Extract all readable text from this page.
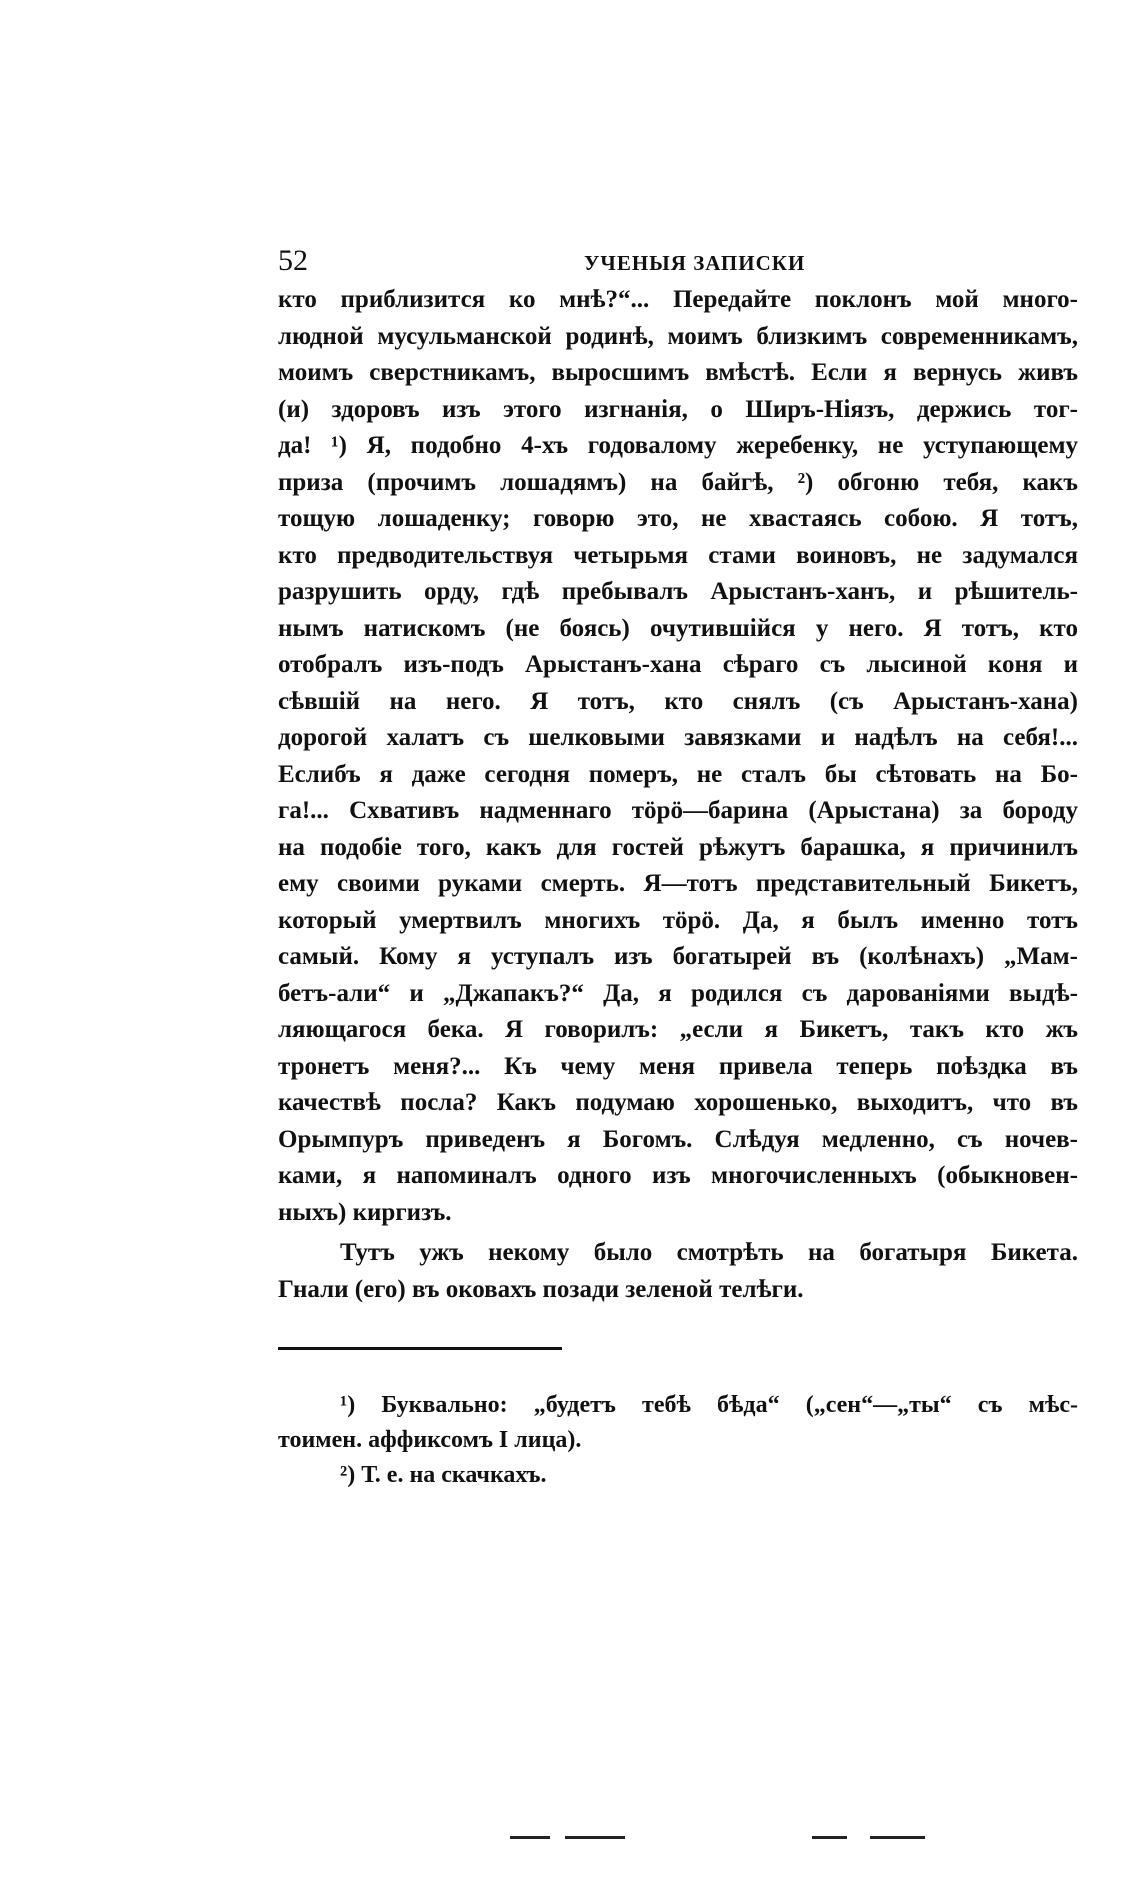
52	УЧЕНЫЯ ЗАПИСКИ
кто приблизится ко мнѣ?“... Передайте поклонъ мой много-
людной мусульманской родинѣ, моимъ близкимъ современникамъ,
моимъ сверстникамъ, выросшимъ вмѣстѣ. Если я вернусь живъ
(и) здоровъ изъ этого изгнанія, о Ширъ-Ніязъ, держись тог-
да! ¹) Я, подобно 4-хъ годовалому жеребенку, не уступающему
приза (прочимъ лошадямъ) на байгѣ, ²) обгоню тебя, какъ
тощую лошаденку; говорю это, не хвастаясь собою. Я тотъ,
кто предводительствуя четырьмя стами воиновъ, не задумался
разрушить орду, гдѣ пребывалъ Арыстанъ-ханъ, и рѣшитель-
нымъ натискомъ (не боясь) очутившійся у него. Я тотъ, кто
отобралъ изъ-подъ Арыстанъ-хана сѣраго съ лысиной коня и
сѣвшій на него. Я тотъ, кто снялъ (съ Арыстанъ-хана)
дорогой халатъ съ шелковыми завязками и надѣлъ на себя!...
Еслибъ я даже сегодня померъ, не сталъ бы сѣтовать на Бо-
га!... Схвативъ надменнаго тӧрӧ—барина (Арыстана) за бороду
на подобіе того, какъ для гостей рѣжутъ барашка, я причинилъ
ему своими руками смерть. Я—тотъ представительный Бикетъ,
который умертвилъ многихъ тӧрӧ. Да, я былъ именно тотъ
самый. Кому я уступалъ изъ богатырей въ (колѣнахъ) „Мам-
бетъ-али“ и „Джапакъ?“ Да, я родился съ дарованіями выдѣ-
ляющагося бека. Я говорилъ: „если я Бикетъ, такъ кто жъ
тронетъ меня?... Къ чему меня привела теперь поѣздка въ
качествѣ посла? Какъ подумаю хорошенько, выходитъ, что въ
Орымпуръ приведенъ я Богомъ. Слѣдуя медленно, съ ночев-
ками, я напоминалъ одного изъ многочисленныхъ (обыкновен-
ныхъ) киргизъ.
Тутъ ужъ некому было смотрѣть на богатыря Бикета.
Гнали (его) въ оковахъ позади зеленой телѣги.
¹) Буквально: „будетъ тебѣ бѣда“ („сен“—„ты“ съ мѣс-
тоимен. аффиксомъ I лица).
²) Т. е. на скачкахъ.
